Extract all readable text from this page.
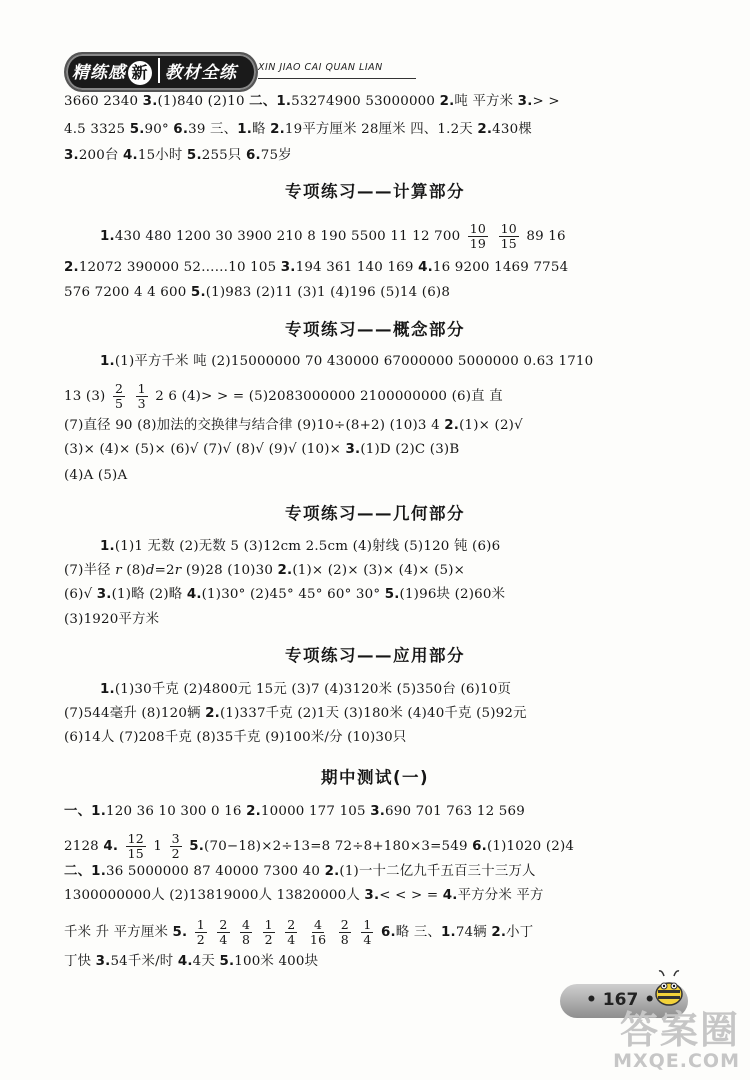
精练感 新 教材全练	XIN JIAO CAI QUAN LIAN
3660 2340 3.(1)840 (2)10 二、1.53274900 53000000 2.吨 平方米 3.> >
4.5 3325 5.90° 6.39 三、1.略 2.19平方厘米 28厘米 四、1.2天 2.430棵
3.200台 4.15小时 5.255只 6.75岁
专项练习——计算部分
1.430 480 1200 30 3900 210 8 190 5500 11 12 $700 \frac{10}{19}$
$\frac{10}{15} 89$ 16
2.12072 390000 52……10 105 3.194 361 140 169 4.16 9200 1469 7754
576 7200 4 4 600 5.(1)983 (2)11 (3)1 (4)196 (5)14 (6)8
专项练习——概念部分
1.(1)平方千米 吨 (2)15000000 70 430000 67000000 5000000 0.63 1710
13 $(3) \frac{2}{5}$
$\frac{1}{3} 2$ 6 (4)> > = (5)2083000000 2100000000 (6)直 直
(7)直径 90 (8)加法的交换律与结合律 (9)10÷(8+2) (10)3 4 2.(1)× (2)√
(3)× (4)× (5)× (6)√ (7)√ (8)√ (9)√ (10)× 3.(1)D (2)C (3)B
(4)A (5)A
专项练习——几何部分
1.(1)1 无数 (2)无数 5 (3)12cm 2.5cm (4)射线 (5)120 钝 (6)6
(7)半径 r (8)d=2r (9)28 (10)30 2.(1)× (2)× (3)× (4)× (5)×
(6)√ 3.(1)略 (2)略 4.(1)30° (2)45° 45° 60° 30° 5.(1)96块 (2)60米
(3)1920平方米
专项练习——应用部分
1.(1)30千克 (2)4800元 15元 (3)7 (4)3120米 (5)350台 (6)10页
(7)544毫升 (8)120辆 2.(1)337千克 (2)1天 (3)180米 (4)40千克 (5)92元
(6)14人 (7)208千克 (8)35千克 (9)100米/分 (10)30只
期中测试(一)
一、1.120 36 10 300 0 16 2.10000 177 105 3.690 701 763 12 569
2128 4. $\frac{12}{15} 1 \frac{3}{2} 5.(70-18)\times 2\div 13=8$ 72÷8+180×3=549 6.(1)1020 (2)4
二、1.36 5000000 87 40000 7300 40 2.(1)一十二亿九千五百三十三万人
1300000000人 (2)13819000人 13820000人 3.< < > = 4.平方分米 平方
千米 升 平方厘米 5. $\frac{1}{2}$
$\frac{2}{4}$
$\frac{4}{8}$
$\frac{1}{2}$
$\frac{2}{4}$
$\frac{4}{16}$
$\frac{2}{8}$
$\frac{1}{4} 6$.略 三、1.74辆 2.小丁
丁快 3.54千米/时 4.4天 5.100米 400块
• 167 •
答案圈
MXQE.COM
